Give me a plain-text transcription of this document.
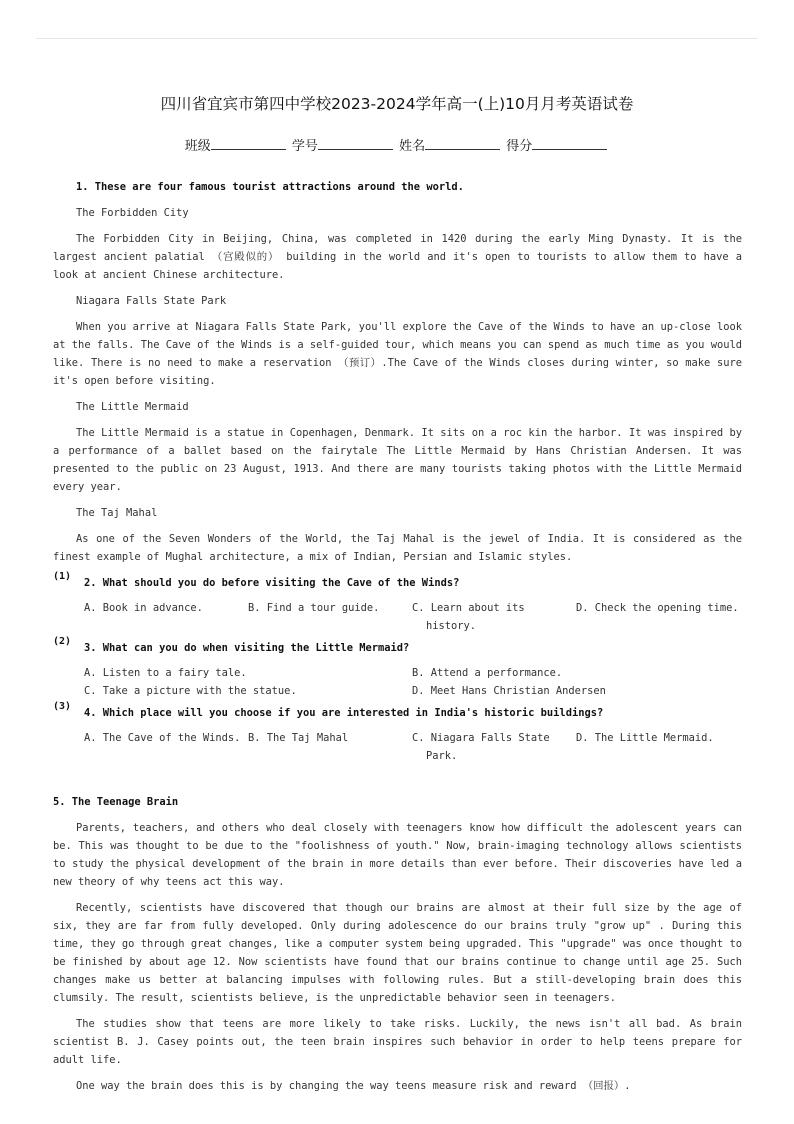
四川省宜宾市第四中学校2023-2024学年高一(上)10月月考英语试卷
班级	学号	姓名	得分

1. These are four famous tourist attractions around the world.

The Forbidden City

The Forbidden City in Beijing, China, was completed in 1420 during the early Ming Dynasty. It is the largest ancient palatial （宫殿似的） building in the world and it's open to tourists to allow them to have a look at ancient Chinese architecture.

Niagara Falls State Park

When you arrive at Niagara Falls State Park, you'll explore the Cave of the Winds to have an up-close look at the falls. The Cave of the Winds is a self-guided tour, which means you can spend as much time as you would like. There is no need to make a reservation （预订）.The Cave of the Winds closes during winter, so make sure it's open before visiting.

The Little Mermaid

The Little Mermaid is a statue in Copenhagen, Denmark. It sits on a roc kin the harbor. It was inspired by a performance of a ballet based on the fairytale The Little Mermaid by Hans Christian Andersen. It was presented to the public on 23 August, 1913. And there are many tourists taking photos with the Little Mermaid every year.

The Taj Mahal

As one of the Seven Wonders of the World, the Taj Mahal is the jewel of India. It is considered as the finest example of Mughal architecture, a mix of Indian, Persian and Islamic styles.

(1)
2. What should you do before visiting the Cave of the Winds?
A. Book in advance.	B. Find a tour guide.	C. Learn about its history.
D. Check the opening time.
(2)
3. What can you do when visiting the Little Mermaid?
A. Listen to a fairy tale.	B. Attend a performance.
C. Take a picture with the statue.	D. Meet Hans Christian Andersen
(3)
4. Which place will you choose if you are interested in India's historic buildings?
A. The Cave of the Winds. B. The Taj Mahal	C. Niagara Falls State Park.
D. The Little Mermaid.

5. The Teenage Brain

Parents, teachers, and others who deal closely with teenagers know how difficult the adolescent years can be. This was thought to be due to the "foolishness of youth." Now, brain-imaging technology allows scientists to study the physical development of the brain in more details than ever before. Their discoveries have led a new theory of why teens act this way.

Recently, scientists have discovered that though our brains are almost at their full size by the age of six, they are far from fully developed. Only during adolescence do our brains truly "grow up" . During this time, they go through great changes, like a computer system being upgraded. This "upgrade" was once thought to be finished by about age 12. Now scientists have found that our brains continue to change until age 25. Such changes make us better at balancing impulses with following rules. But a still-developing brain does this clumsily. The result, scientists believe, is the unpredictable behavior seen in teenagers.

The studies show that teens are more likely to take risks. Luckily, the news isn't all bad. As brain scientist B. J. Casey points out, the teen brain inspires such behavior in order to help teens prepare for adult life.

One way the brain does this is by changing the way teens measure risk and reward （回报）.
